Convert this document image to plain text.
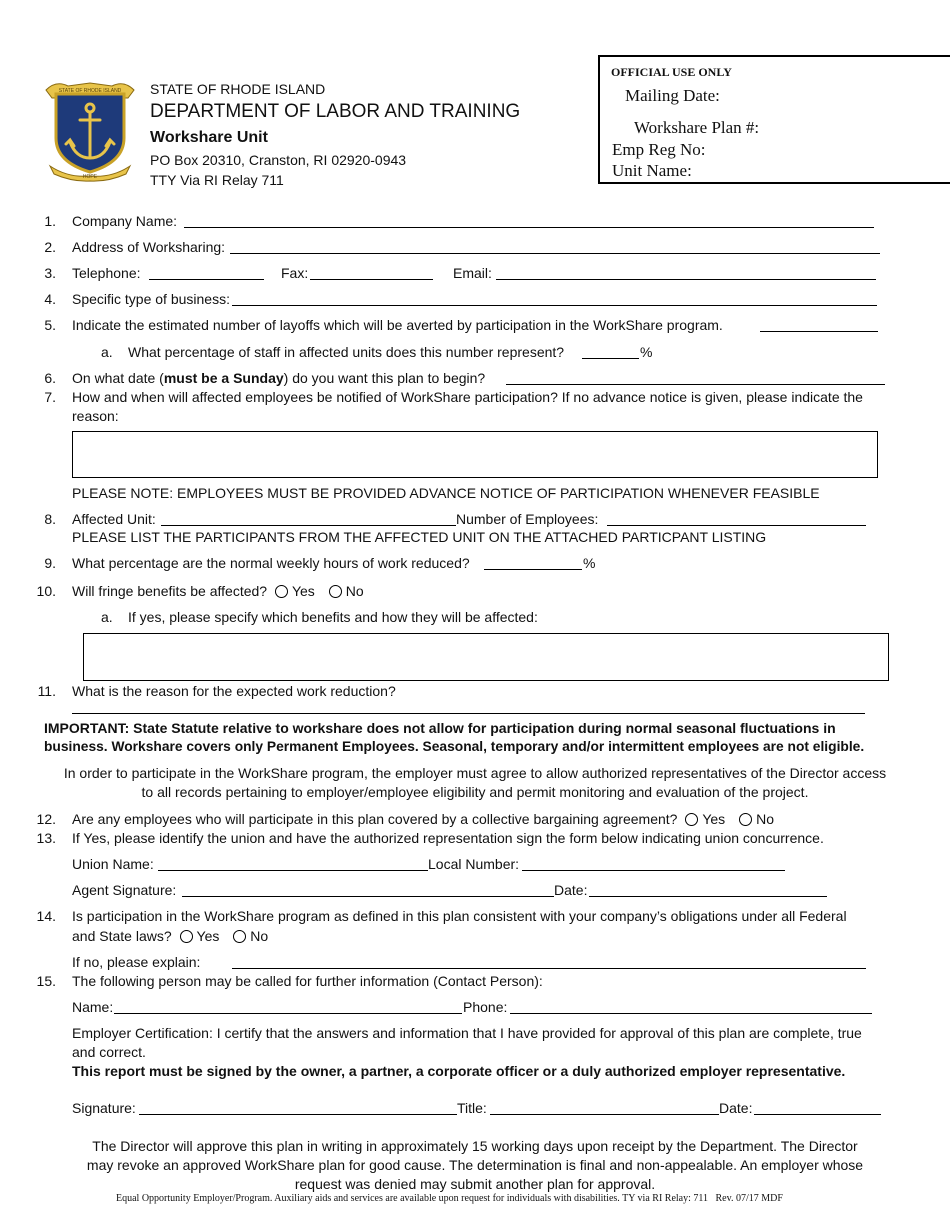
STATE OF RHODE ISLAND
HOPE
STATE OF RHODE ISLAND
DEPARTMENT OF LABOR AND TRAINING
Workshare Unit
PO Box 20310, Cranston, RI 02920-0943
TTY Via RI Relay 711
OFFICIAL USE ONLY
Mailing Date:
Workshare Plan #:
Emp Reg No:
Unit Name:
1. Company Name:
2. Address of Worksharing:
3. Telephone:	Fax:	Email:
4. Specific type of business:
5. Indicate the estimated number of layoffs which will be averted by participation in the WorkShare program.
a. What percentage of staff in affected units does this number represent?	%
6. On what date (must be a Sunday) do you want this plan to begin?
7. How and when will affected employees be notified of WorkShare participation? If no advance notice is given, please indicate the
reason:
PLEASE NOTE: EMPLOYEES MUST BE PROVIDED ADVANCE NOTICE OF PARTICIPATION WHENEVER FEASIBLE
8. Affected Unit:	Number of Employees:
PLEASE LIST THE PARTICIPANTS FROM THE AFFECTED UNIT ON THE ATTACHED PARTICPANT LISTING
9. What percentage are the normal weekly hours of work reduced?	%
10. Will fringe benefits be affected? Yes No
a. If yes, please specify which benefits and how they will be affected:
11. What is the reason for the expected work reduction?
IMPORTANT: State Statute relative to workshare does not allow for participation during normal seasonal fluctuations in
business. Workshare covers only Permanent Employees. Seasonal, temporary and/or intermittent employees are not eligible.
In order to participate in the WorkShare program, the employer must agree to allow authorized representatives of the Director access
to all records pertaining to employer/employee eligibility and permit monitoring and evaluation of the project.
12. Are any employees who will participate in this plan covered by a collective bargaining agreement? Yes No
13. If Yes, please identify the union and have the authorized representation sign the form below indicating union concurrence.
Union Name:	Local Number:
Agent Signature:	Date:
14. Is participation in the WorkShare program as defined in this plan consistent with your company’s obligations under all Federal
and State laws? Yes No
If no, please explain:
15. The following person may be called for further information (Contact Person):
Name:	Phone:
Employer Certification: I certify that the answers and information that I have provided for approval of this plan are complete, true
and correct.
This report must be signed by the owner, a partner, a corporate officer or a duly authorized employer representative.
Signature:	Title:	Date:
The Director will approve this plan in writing in approximately 15 working days upon receipt by the Department. The Director
may revoke an approved WorkShare plan for good cause. The determination is final and non-appealable. An employer whose
request was denied may submit another plan for approval.
Equal Opportunity Employer/Program. Auxiliary aids and services are available upon request for individuals with disabilities. TY via RI Relay: 711 Rev. 07/17 MDF
